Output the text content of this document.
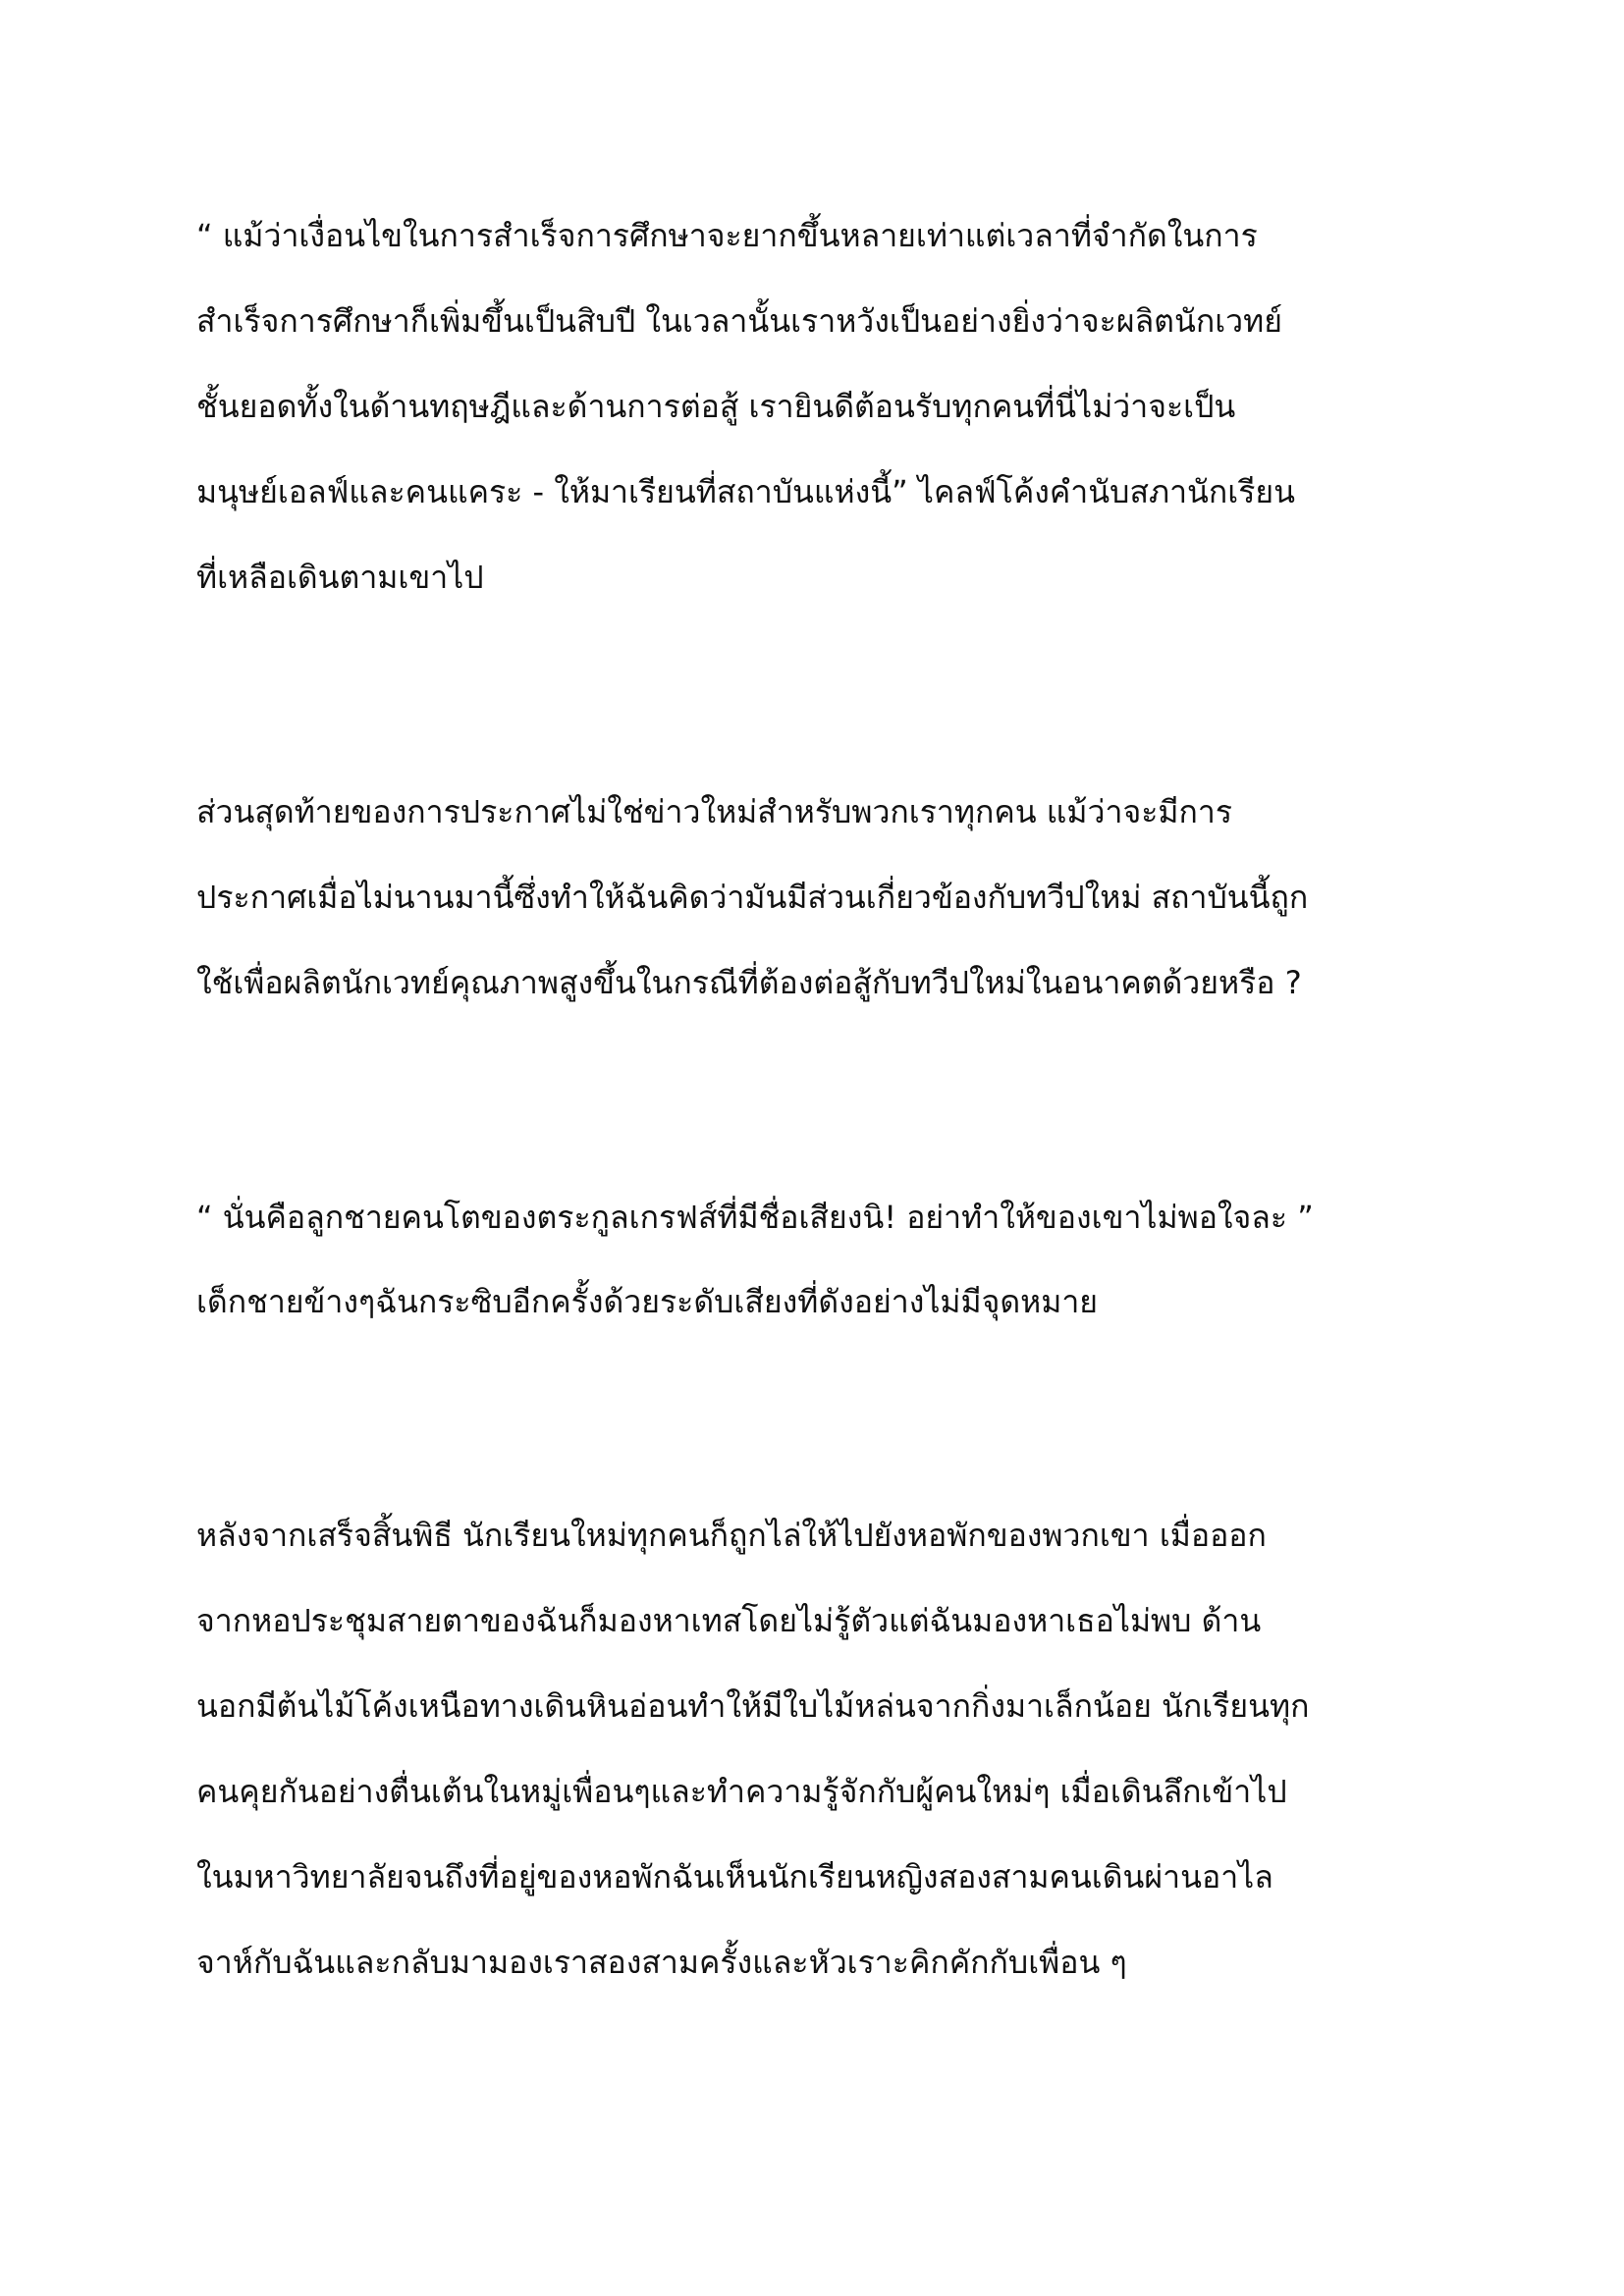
“ แม้ว่าเงื่อนไขในการสำเร็จการศึกษาจะยากขึ้นหลายเท่าแต่เวลาที่จำกัดในการ

สำเร็จการศึกษาก็เพิ่มขึ้นเป็นสิบปี ในเวลานั้นเราหวังเป็นอย่างยิ่งว่าจะผลิตนักเวทย์

ชั้นยอดทั้งในด้านทฤษฎีและด้านการต่อสู้ เรายินดีต้อนรับทุกคนที่นี่ไม่ว่าจะเป็น

มนุษย์เอลฟ์และคนแคระ - ให้มาเรียนที่สถาบันแห่งนี้” ไคลฟ์โค้งคำนับสภานักเรียน

ที่เหลือเดินตามเขาไป

ส่วนสุดท้ายของการประกาศไม่ใช่ข่าวใหม่สำหรับพวกเราทุกคน แม้ว่าจะมีการ

ประกาศเมื่อไม่นานมานี้ซึ่งทำให้ฉันคิดว่ามันมีส่วนเกี่ยวข้องกับทวีปใหม่ สถาบันนี้ถูก

ใช้เพื่อผลิตนักเวทย์คุณภาพสูงขึ้นในกรณีที่ต้องต่อสู้กับทวีปใหม่ในอนาคตด้วยหรือ ?

“ นั่นคือลูกชายคนโตของตระกูลเกรฟส์ที่มีชื่อเสียงนิ! อย่าทำให้ของเขาไม่พอใจละ ”

เด็กชายข้างๆฉันกระซิบอีกครั้งด้วยระดับเสียงที่ดังอย่างไม่มีจุดหมาย

หลังจากเสร็จสิ้นพิธี นักเรียนใหม่ทุกคนก็ถูกไล่ให้ไปยังหอพักของพวกเขา เมื่อออก

จากหอประชุมสายตาของฉันก็มองหาเทสโดยไม่รู้ตัวแต่ฉันมองหาเธอไม่พบ ด้าน

นอกมีต้นไม้โค้งเหนือทางเดินหินอ่อนทำให้มีใบไม้หล่นจากกิ่งมาเล็กน้อย นักเรียนทุก

คนคุยกันอย่างตื่นเต้นในหมู่เพื่อนๆและทำความรู้จักกับผู้คนใหม่ๆ เมื่อเดินลึกเข้าไป

ในมหาวิทยาลัยจนถึงที่อยู่ของหอพักฉันเห็นนักเรียนหญิงสองสามคนเดินผ่านอาไล

จาห์กับฉันและกลับมามองเราสองสามครั้งและหัวเราะคิกคักกับเพื่อน ๆ
